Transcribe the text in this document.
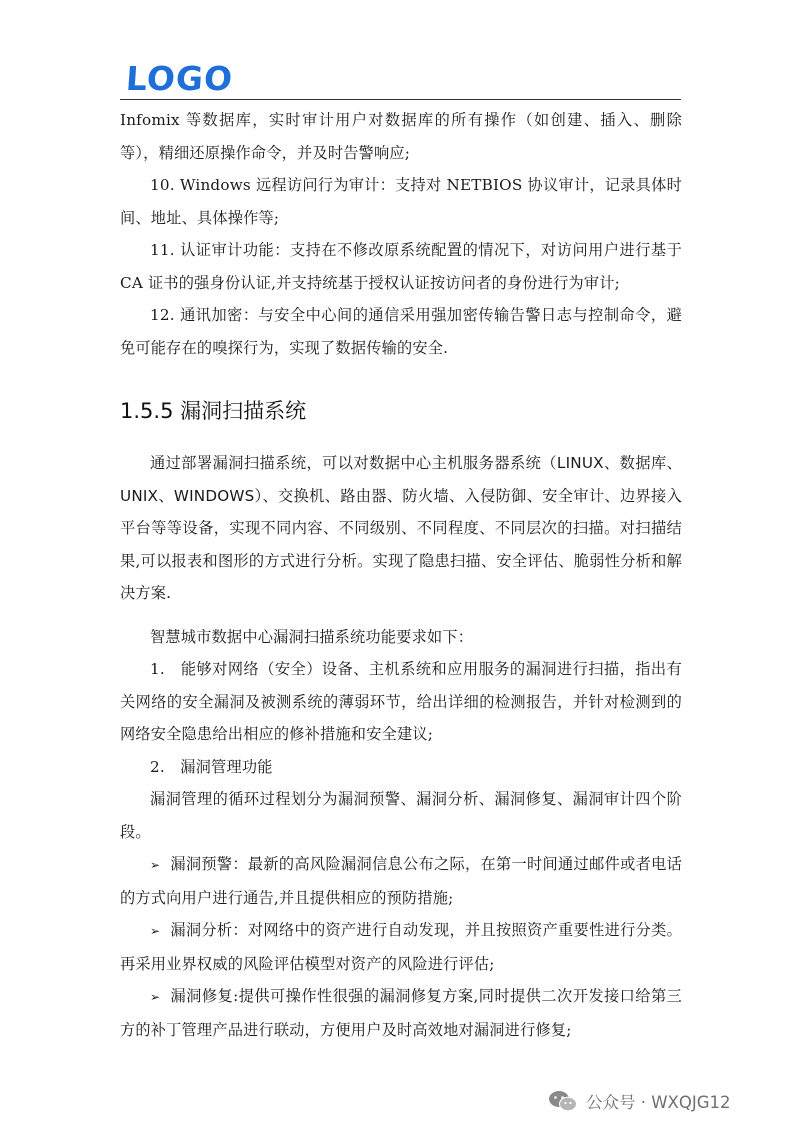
LOGO

Infomix 等数据库，实时审计用户对数据库的所有操作（如创建、插入、删除等），精细还原操作命令，并及时告警响应;

10. Windows 远程访问行为审计：支持对 NETBIOS 协议审计，记录具体时间、地址、具体操作等;

11. 认证审计功能：支持在不修改原系统配置的情况下，对访问用户进行基于 CA 证书的强身份认证,并支持统基于授权认证按访问者的身份进行为审计;

12. 通讯加密：与安全中心间的通信采用强加密传输告警日志与控制命令，避免可能存在的嗅探行为，实现了数据传输的安全.

1.5.5 漏洞扫描系统

通过部署漏洞扫描系统，可以对数据中心主机服务器系统（LINUX、数据库、UNIX、WINDOWS）、交换机、路由器、防火墙、入侵防御、安全审计、边界接入平台等等设备，实现不同内容、不同级别、不同程度、不同层次的扫描。对扫描结果,可以报表和图形的方式进行分析。实现了隐患扫描、安全评估、脆弱性分析和解决方案.

智慧城市数据中心漏洞扫描系统功能要求如下：

1.　能够对网络（安全）设备、主机系统和应用服务的漏洞进行扫描，指出有关网络的安全漏洞及被测系统的薄弱环节，给出详细的检测报告，并针对检测到的网络安全隐患给出相应的修补措施和安全建议;

2.　漏洞管理功能

漏洞管理的循环过程划分为漏洞预警、漏洞分析、漏洞修复、漏洞审计四个阶段。

➢ 漏洞预警：最新的高风险漏洞信息公布之际，在第一时间通过邮件或者电话的方式向用户进行通告,并且提供相应的预防措施;

➢ 漏洞分析：对网络中的资产进行自动发现，并且按照资产重要性进行分类。再采用业界权威的风险评估模型对资产的风险进行评估;

➢ 漏洞修复:提供可操作性很强的漏洞修复方案,同时提供二次开发接口给第三方的补丁管理产品进行联动，方便用户及时高效地对漏洞进行修复;

公众号 · WXQJG12
